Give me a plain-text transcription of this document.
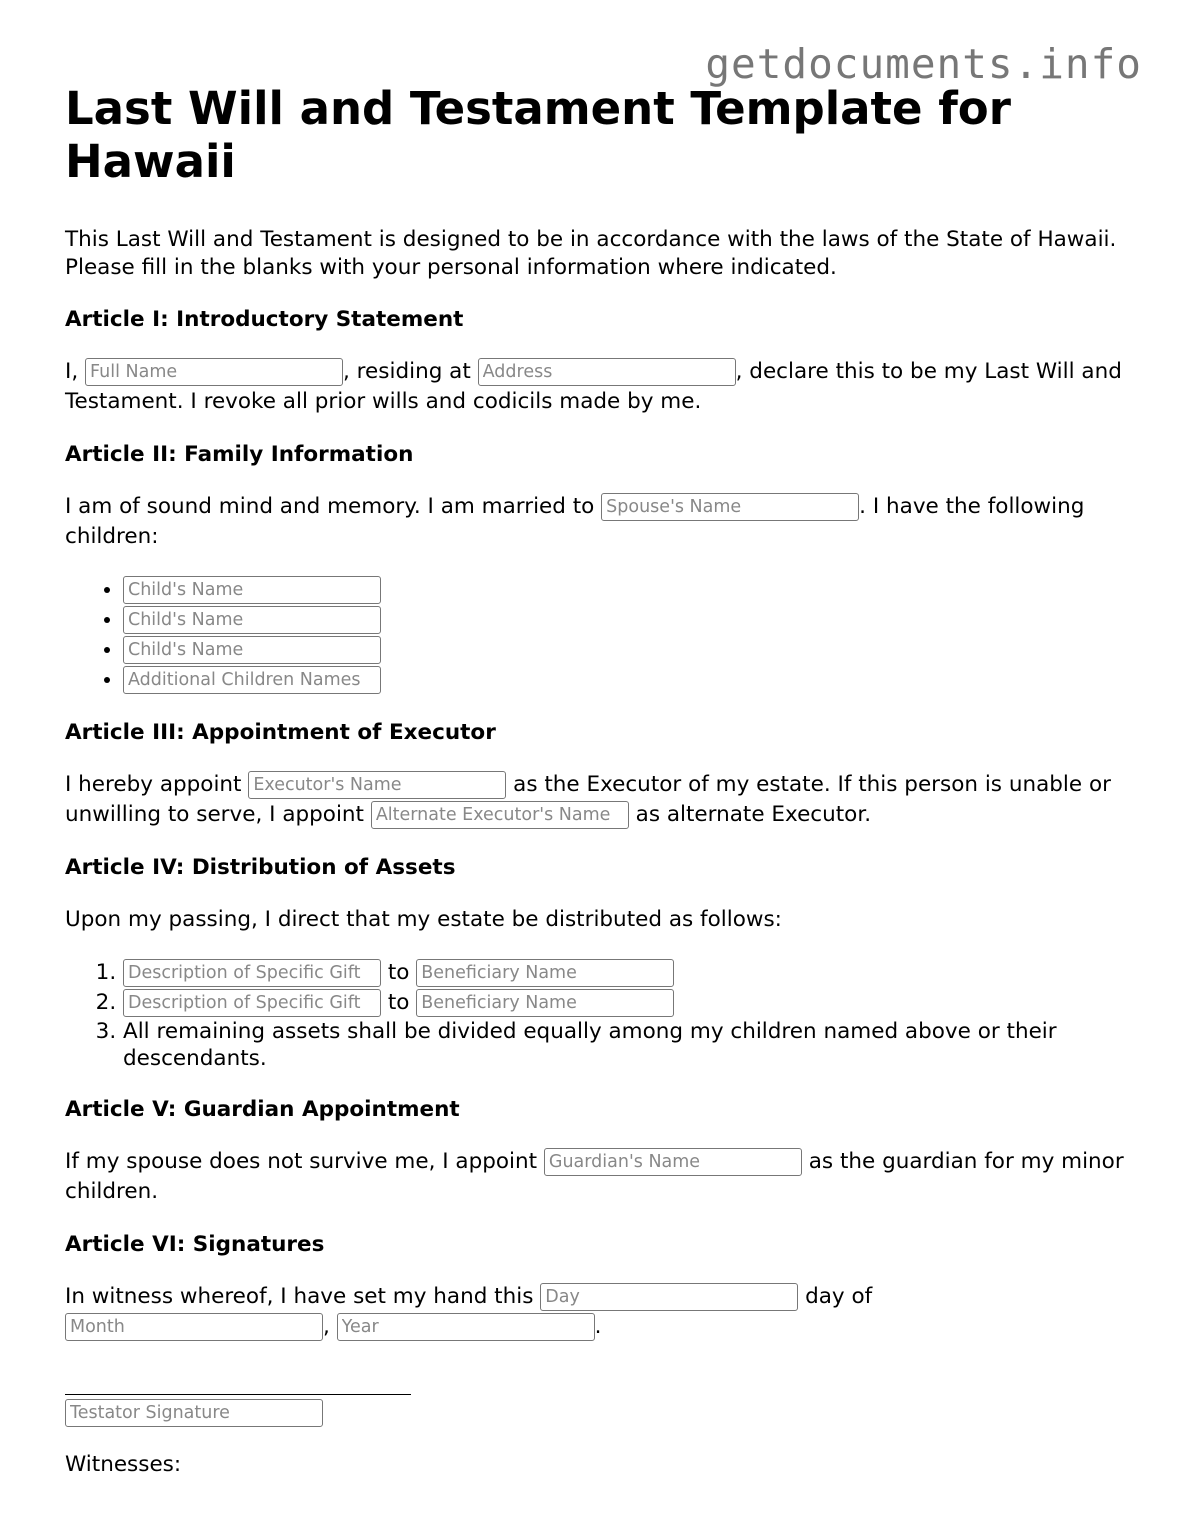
getdocuments.info
Last Will and Testament Template for Hawaii

This Last Will and Testament is designed to be in accordance with the laws of the State of Hawaii. Please fill in the blanks with your personal information where indicated.

Article I: Introductory Statement

I, Full Name	, residing at Address	, declare this to be my Last Will and Testament. I revoke all prior wills and codicils made by me.

Article II: Family Information

I am of sound mind and memory. I am married to Spouse's Name	. I have the following children:

• Child's Name
• Child's Name
• Child's Name
• Additional Children Names
Article III: Appointment of Executor

I hereby appoint Executor's Name	as the Executor of my estate. If this person is unable or unwilling to serve, I appoint Alternate Executor's Name	as alternate Executor.

Article IV: Distribution of Assets

Upon my passing, I direct that my estate be distributed as follows:

Description of Specific Gift 1. to Beneficiary Name
Description of Specific Gift 2. to Beneficiary Name
3. All remaining assets shall be divided equally among my children named above or their descendants.
Article V: Guardian Appointment

If my spouse does not survive me, I appoint Guardian's Name	as the guardian for my minor children.

Article VI: Signatures

In witness whereof, I have set my hand this Day	day of Month, Year	.

Testator Signature

Witnesses:
